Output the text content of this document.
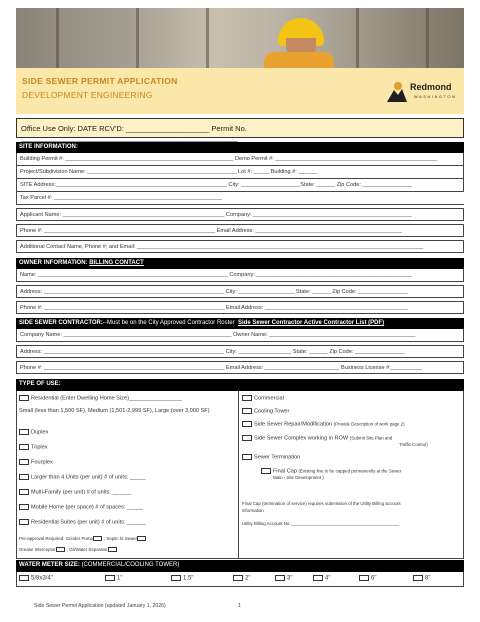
SIDE SEWER PERMIT APPLICATION
DEVELOPMENT ENGINEERING
Redmond
WASHINGTON
Office Use Only: DATE RCV'D: ____________________ Permit No. ____________________________________________________
SITE INFORMATION:
Building Permit #: ______________________________________________________ Demo Permit #: ____________________________________________________
Project/Subdivision Name: ________________________________________________ Lot #: _____ Building #: ______
SITE Address:_______________________________________________________ City: ___________________State: ______ Zip Code: ________________
Tax Parcel #: ______________________________________________________
Applicant Name: ____________________________________________________ Company: ___________________________________________________
Phone #: _______________________________________________________ Email Address: _______________________________________________
Additional Contact Name, Phone #; and Email: ____________________________________________________________________________________________
OWNER INFORMATION: BILLING CONTACT
Name: _____________________________________________________________ Company: __________________________________________________
Address: __________________________________________________________ City: __________________ State: ______ Zip Code: ________________
Phone #: __________________________________________________________ Email Address: ______________________________________________
SIDE SEWER CONTRACTOR:--Must be on the City Approved Contractor Roster Side Sewer Contractor Active Contractor List (PDF)
Company Name: ______________________________________________________ Owner Name: _______________________________________________
Address: __________________________________________________________ City: _________________ State: ______ Zip Code: ________________
Phone #: __________________________________________________________ Email Address: ________________________ Business License #:__________
TYPE OF USE:
Residential (Enter Dwelling Home Size)_________________
Small (less than 1,500 SF), Medium (1,501-2,999 SF), Large (over 3,000 SF)
Duplex
Triplex
Fourplex
Larger than 4 Units (per unit) # of units: _____
Multi-Family (per unit) # of units: ______
Mobile Home (per space) # of spaces: _____
Residential Suites (per unit) # of units: ______
Pre-approval Required: Grinder Pump	; Septic to Sewer
Grease Interceptor	; Oil/Water Separator
Commercial
Cooling Tower
Side Sewer Repair/Modification (Provide Description of work page 2)
Side Sewer Complex working in ROW (Submit Site Plan and
Traffic Control)
Sewer Termination
Final Cap (Existing line to be capped permanently at the Sewer
Main - Site Development )
Final Cap (termination of service) requires submission of the Utility Billing account
information
Utility Billing Account No.:____________________________________________
WATER METER SIZE: (COMMERCIAL/COOLING TOWER)
5/8x3/4"	1"	1.5"	2"	3"	4"	6"	8"
Side Sewer Permit Application (updated January 1, 2026)	1
